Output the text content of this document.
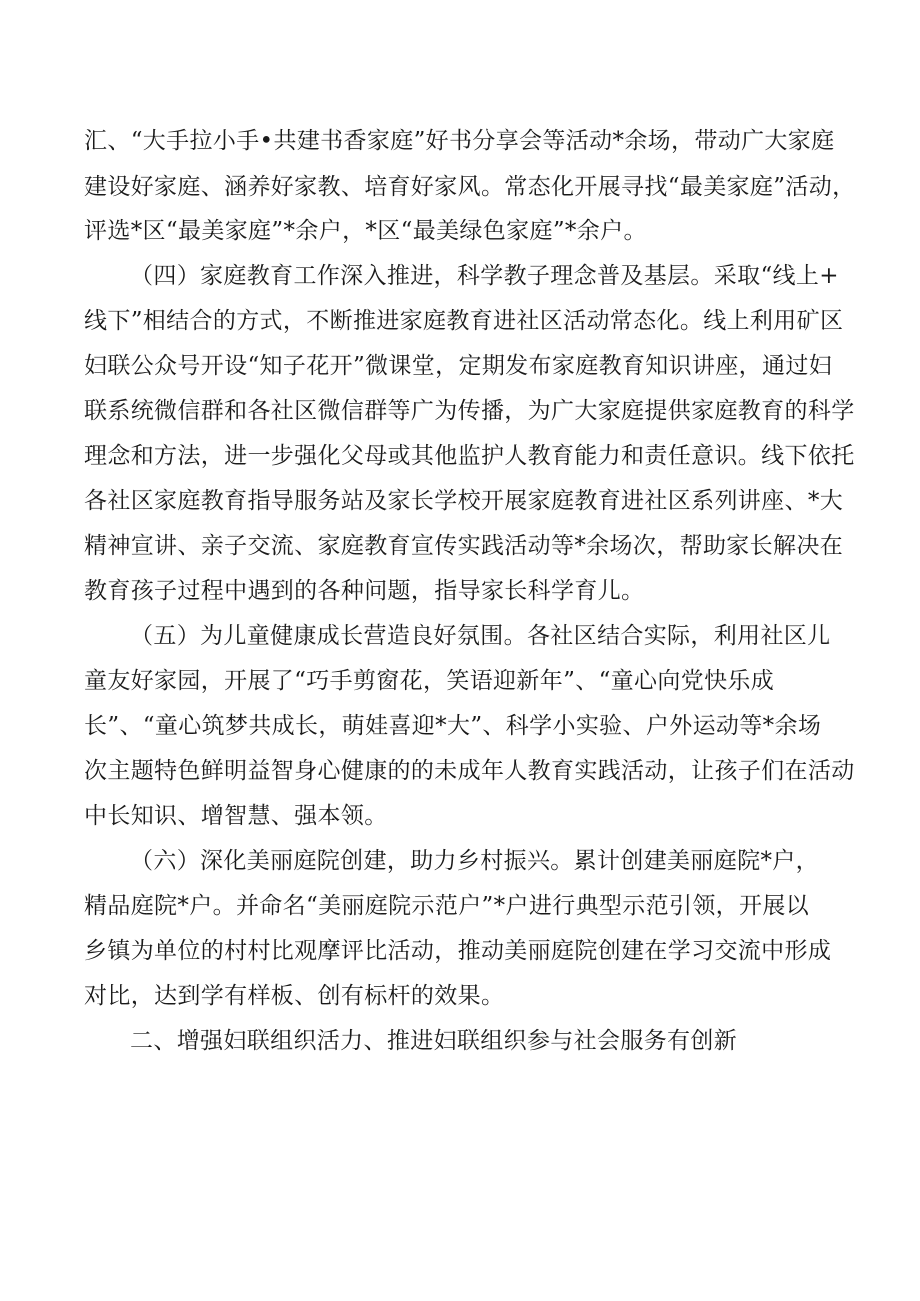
汇、“大手拉小手•共建书香家庭”好书分享会等活动*余场，带动广大家庭

建设好家庭、涵养好家教、培育好家风。常态化开展寻找“最美家庭”活动，

评选*区“最美家庭”*余户，*区“最美绿色家庭”*余户。

（四）家庭教育工作深入推进，科学教子理念普及基层。采取“线上+

线下”相结合的方式，不断推进家庭教育进社区活动常态化。线上利用矿区

妇联公众号开设“知子花开”微课堂，定期发布家庭教育知识讲座，通过妇

联系统微信群和各社区微信群等广为传播，为广大家庭提供家庭教育的科学

理念和方法，进一步强化父母或其他监护人教育能力和责任意识。线下依托

各社区家庭教育指导服务站及家长学校开展家庭教育进社区系列讲座、*大

精神宣讲、亲子交流、家庭教育宣传实践活动等*余场次，帮助家长解决在

教育孩子过程中遇到的各种问题，指导家长科学育儿。

（五）为儿童健康成长营造良好氛围。各社区结合实际，利用社区儿

童友好家园，开展了“巧手剪窗花，笑语迎新年”、“童心向党快乐成

长”、“童心筑梦共成长，萌娃喜迎*大”、科学小实验、户外运动等*余场

次主题特色鲜明益智身心健康的的未成年人教育实践活动，让孩子们在活动

中长知识、增智慧、强本领。

（六）深化美丽庭院创建，助力乡村振兴。累计创建美丽庭院*户，

精品庭院*户。并命名“美丽庭院示范户”*户进行典型示范引领，开展以

乡镇为单位的村村比观摩评比活动，推动美丽庭院创建在学习交流中形成

对比，达到学有样板、创有标杆的效果。

二、增强妇联组织活力、推进妇联组织参与社会服务有创新
